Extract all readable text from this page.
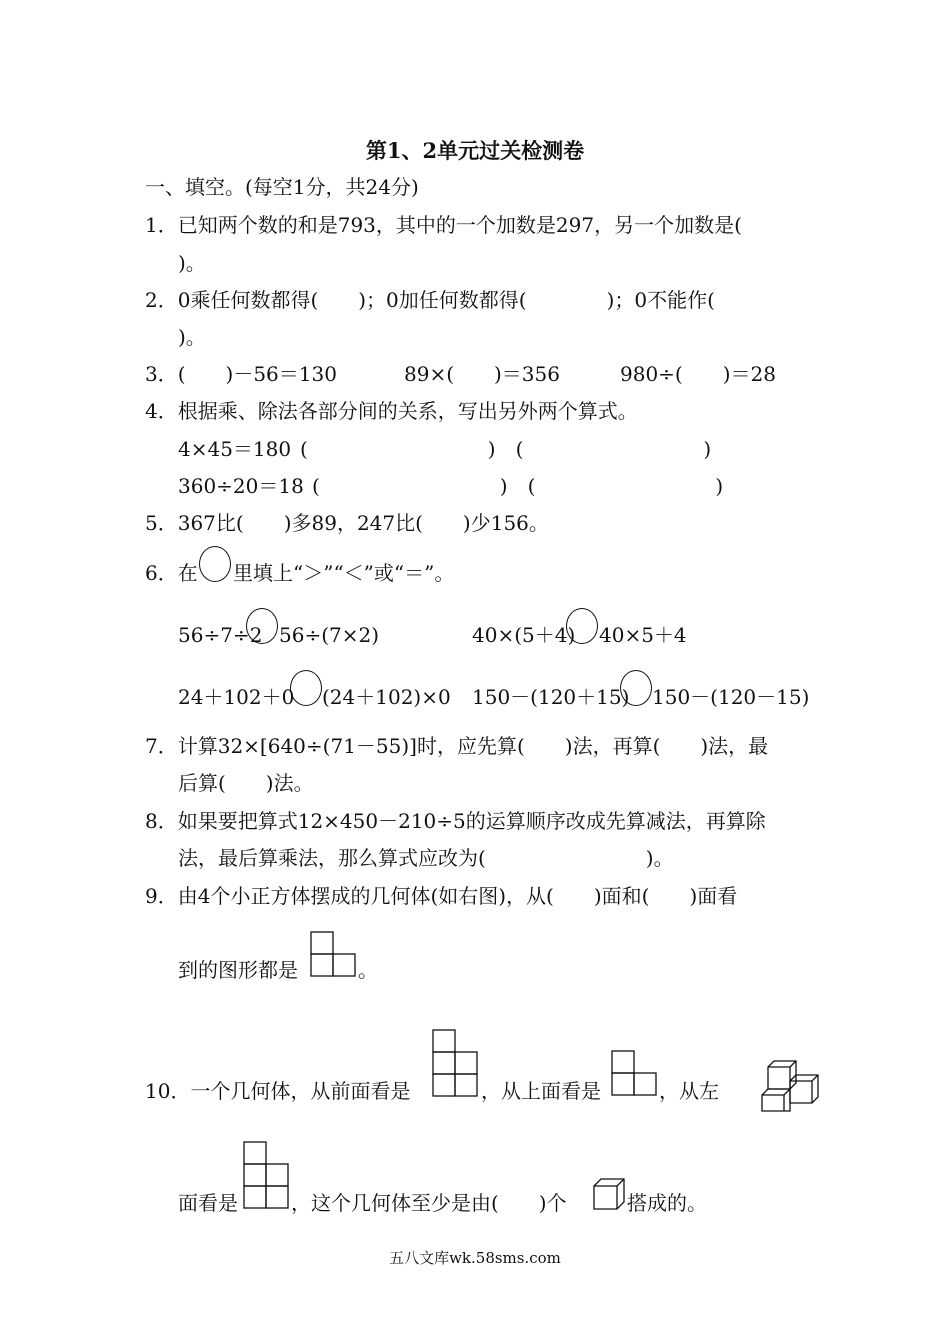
第1、2单元过关检测卷
一、填空。(每空1分，共24分)
1．已知两个数的和是793，其中的一个加数是297，另一个加数是(
)。
2．0乘任何数都得(　　)；0加任何数都得(　　　　)；0不能作(
)。
3．(　　)－56＝130	89×(　　)＝356	980÷(　　)＝28
4．根据乘、除法各部分间的关系，写出另外两个算式。
4×45＝180 (　　　　　　　　　)　(　　　　　　　　　)
360÷20＝18 (　　　　　　　　　)　(　　　　　　　　　)
5．367比(　　)多89，247比(　　)少156。
6．在 里填上“＞”“＜”或“＝”。
56÷7÷2 56÷(7×2)	40×(5＋4) 40×5＋4
24＋102＋0 (24＋102)×0 150－(120＋15) 150－(120－15)
7．计算32×[640÷(71－55)]时，应先算(　　)法，再算(　　)法，最
后算(　　)法。
8．如果要把算式12×450－210÷5的运算顺序改成先算减法，再算除
法，最后算乘法，那么算式应改为(　　　　　　　　)。
9．由4个小正方体摆成的几何体(如右图)，从(　　)面和(　　)面看
到的图形都是	。
10．一个几何体，从前面看是	，从上面看是	，从左
面看是	，这个几何体至少是由(　　)个	搭成的。
五八文库wk.58sms.com
